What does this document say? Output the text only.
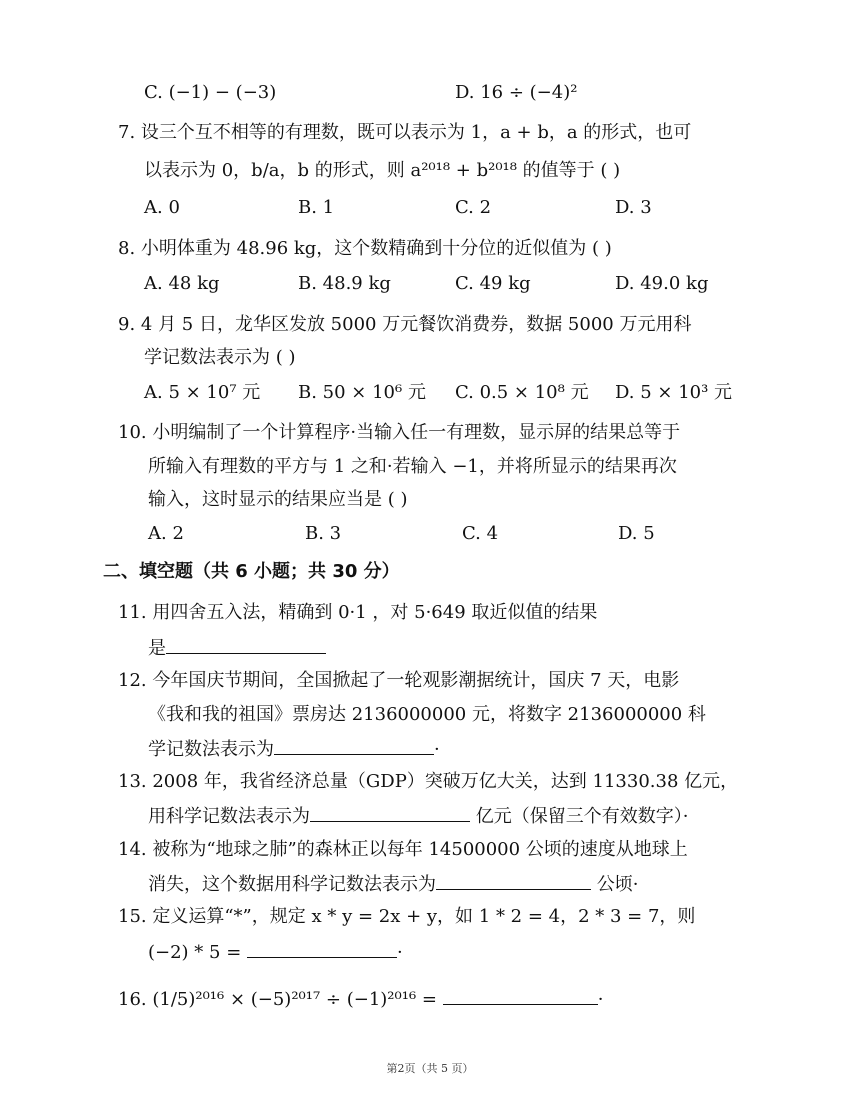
C. (−1) − (−3)	D. 16 ÷ (−4)²
7. 设三个互不相等的有理数，既可以表示为 1，a + b，a 的形式，也可
以表示为 0，b/a，b 的形式，则 a²⁰¹⁸ + b²⁰¹⁸ 的值等于 ( )
A. 0	B. 1	C. 2	D. 3
8. 小明体重为 48.96 kg，这个数精确到十分位的近似值为 ( )
A. 48 kg	B. 48.9 kg	C. 49 kg	D. 49.0 kg
9. 4 月 5 日，龙华区发放 5000 万元餐饮消费券，数据 5000 万元用科
学记数法表示为 ( )
A. 5 × 10⁷ 元 B. 50 × 10⁶ 元 C. 0.5 × 10⁸ 元 D. 5 × 10³ 元
10. 小明编制了一个计算程序·当输入任一有理数，显示屏的结果总等于
所输入有理数的平方与 1 之和·若输入 −1，并将所显示的结果再次
输入，这时显示的结果应当是 ( )
A. 2	B. 3	C. 4	D. 5
二、填空题（共 6 小题；共 30 分）
11. 用四舍五入法，精确到 0·1 ，对 5·649 取近似值的结果
是
12. 今年国庆节期间，全国掀起了一轮观影潮据统计，国庆 7 天，电影
《我和我的祖国》票房达 2136000000 元，将数字 2136000000 科
学记数法表示为	·
13. 2008 年，我省经济总量（GDP）突破万亿大关，达到 11330.38 亿元，
用科学记数法表示为	亿元（保留三个有效数字）·
14. 被称为“地球之肺”的森林正以每年 14500000 公顷的速度从地球上
消失，这个数据用科学记数法表示为	公顷·
15. 定义运算“*”，规定 x * y = 2x + y，如 1 * 2 = 4，2 * 3 = 7，则
(−2) * 5 =	·
16. (1/5)²⁰¹⁶ × (−5)²⁰¹⁷ ÷ (−1)²⁰¹⁶ =	·
第2页（共 5 页）
